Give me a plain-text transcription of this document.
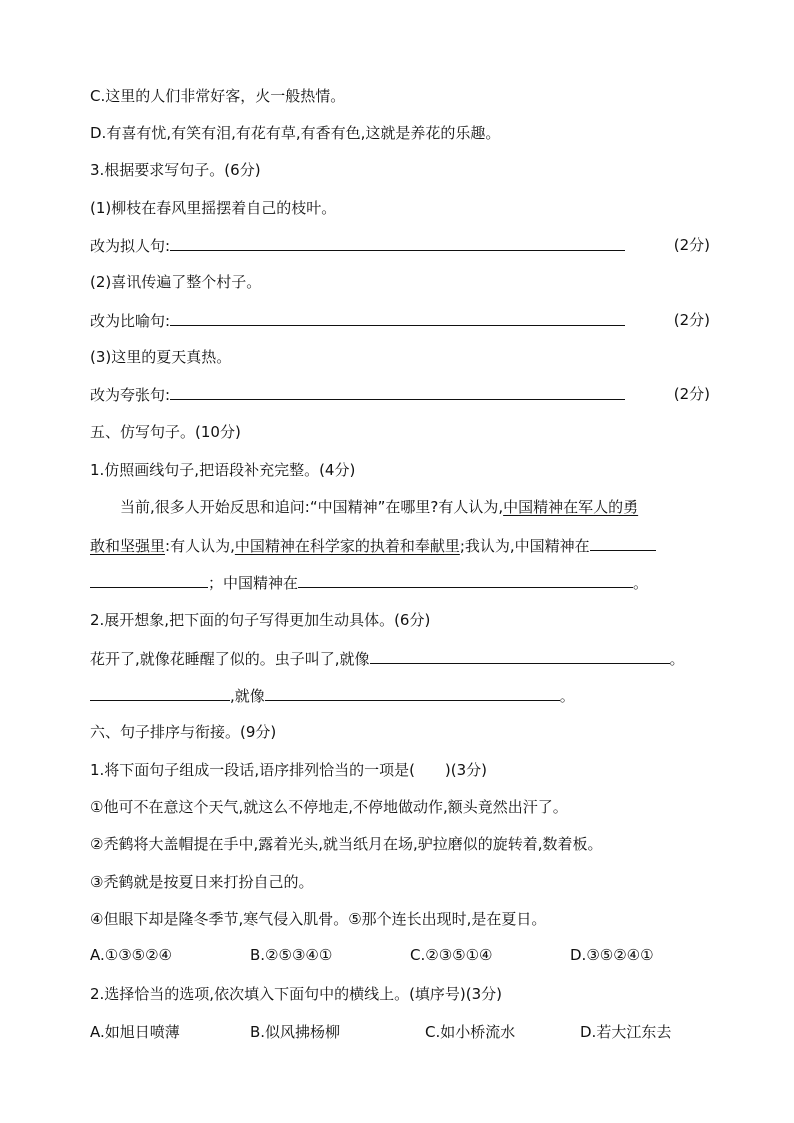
C.这里的人们非常好客，火一般热情。
D.有喜有忧,有笑有泪,有花有草,有香有色,这就是养花的乐趣。
3.根据要求写句子。(6分)
(1)柳枝在春风里摇摆着自己的枝叶。
改为拟人句:	(2分)
(2)喜讯传遍了整个村子。
改为比喻句:	(2分)
(3)这里的夏天真热。
改为夸张句:	(2分)
五、仿写句子。(10分)
1.仿照画线句子,把语段补充完整。(4分)
当前,很多人开始反思和追问:“中国精神”在哪里?有人认为,中国精神在军人的勇
敢和坚强里:有人认为,中国精神在科学家的执着和奉献里;我认为,中国精神在
；中国精神在	。
2.展开想象,把下面的句子写得更加生动具体。(6分)
花开了,就像花睡醒了似的。虫子叫了,就像	。
,就像	。
六、句子排序与衔接。(9分)
1.将下面句子组成一段话,语序排列恰当的一项是(　　)(3分)
①他可不在意这个天气,就这么不停地走,不停地做动作,额头竟然出汗了。
②秃鹤将大盖帽提在手中,露着光头,就当纸月在场,驴拉磨似的旋转着,数着板。
③秃鹤就是按夏日来打扮自己的。
④但眼下却是隆冬季节,寒气侵入肌骨。⑤那个连长出现时,是在夏日。
A.①③⑤②④	B.②⑤③④①	C.②③⑤①④	D.③⑤②④①
2.选择恰当的选项,依次填入下面句中的横线上。(填序号)(3分)
A.如旭日喷薄	B.似风拂杨柳	C.如小桥流水	D.若大江东去
